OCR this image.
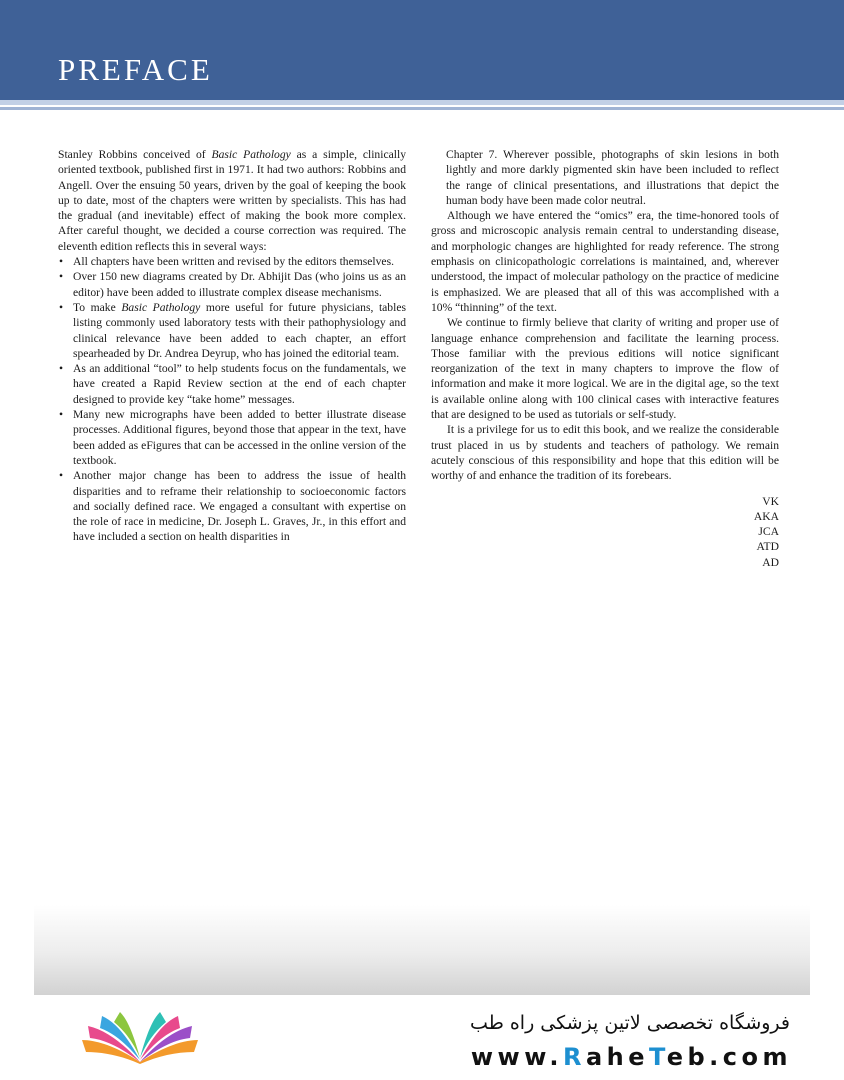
PREFACE

Stanley Robbins conceived of Basic Pathology as a simple, clinically oriented textbook, published first in 1971. It had two authors: Robbins and Angell. Over the ensuing 50 years, driven by the goal of keeping the book up to date, most of the chapters were written by specialists. This has had the gradual (and inevitable) effect of making the book more complex. After careful thought, we decided a course correction was required. The eleventh edition reflects this in several ways:

• All chapters have been written and revised by the editors themselves.
• Over 150 new diagrams created by Dr. Abhijit Das (who joins us as an editor) have been added to illustrate complex disease mechanisms.
• To make Basic Pathology more useful for future physicians, tables listing commonly used laboratory tests with their pathophysiology and clinical relevance have been added to each chapter, an effort spearheaded by Dr. Andrea Deyrup, who has joined the editorial team.
• As an additional “tool” to help students focus on the fundamentals, we have created a Rapid Review section at the end of each chapter designed to provide key “take home” messages.
• Many new micrographs have been added to better illustrate disease processes. Additional figures, beyond those that appear in the text, have been added as eFigures that can be accessed in the online version of the textbook.
• Another major change has been to address the issue of health disparities and to reframe their relationship to socioeconomic factors and socially defined race. We engaged a consultant with expertise on the role of race in medicine, Dr. Joseph L. Graves, Jr., in this effort and have included a section on health disparities in

Chapter 7. Wherever possible, photographs of skin lesions in both lightly and more darkly pigmented skin have been included to reflect the range of clinical presentations, and illustrations that depict the human body have been made color neutral.

Although we have entered the “omics” era, the time-honored tools of gross and microscopic analysis remain central to understanding disease, and morphologic changes are highlighted for ready reference. The strong emphasis on clinicopathologic correlations is maintained, and, wherever understood, the impact of molecular pathology on the practice of medicine is emphasized. We are pleased that all of this was accomplished with a 10% “thinning” of the text.

We continue to firmly believe that clarity of writing and proper use of language enhance comprehension and facilitate the learning process. Those familiar with the previous editions will notice significant reorganization of the text in many chapters to improve the flow of information and make it more logical. We are in the digital age, so the text is available online along with 100 clinical cases with interactive features that are designed to be used as tutorials or self-study.

It is a privilege for us to edit this book, and we realize the considerable trust placed in us by students and teachers of pathology. We remain acutely conscious of this responsibility and hope that this edition will be worthy of and enhance the tradition of its forebears.

VK
AKA
JCA
ATD
AD
فروشگاه تخصصی لاتین پزشکی راه طب
www.RaheTeb.com
